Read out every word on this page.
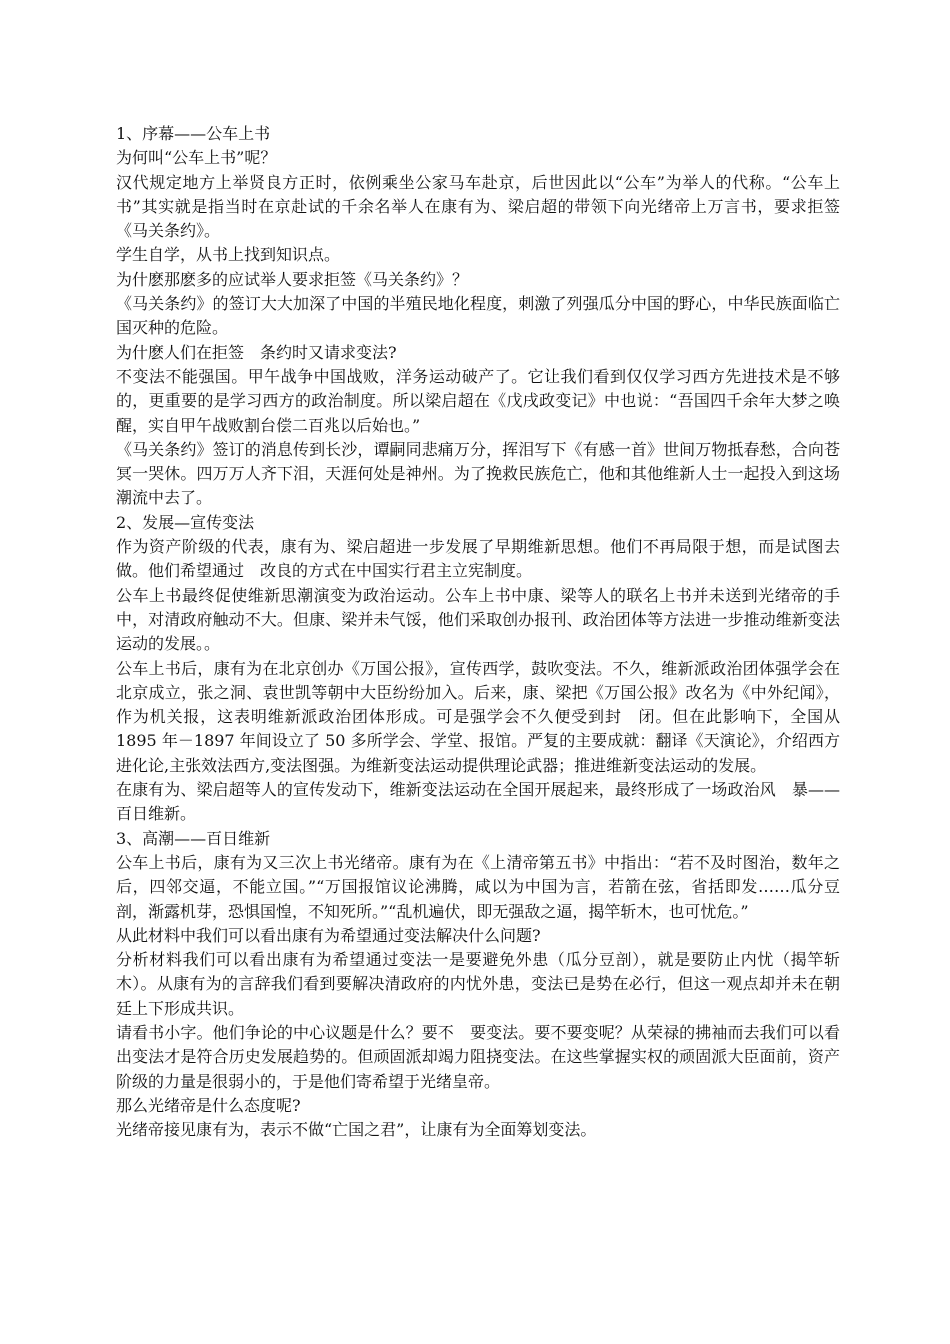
1、序幕——公车上书

为何叫“公车上书”呢？

汉代规定地方上举贤良方正时，依例乘坐公家马车赴京，后世因此以“公车”为举人的代称。“公车上书”其实就是指当时在京赴试的千余名举人在康有为、梁启超的带领下向光绪帝上万言书，要求拒签《马关条约》。

学生自学，从书上找到知识点。

为什麽那麽多的应试举人要求拒签《马关条约》？

《马关条约》的签订大大加深了中国的半殖民地化程度，刺激了列强瓜分中国的野心，中华民族面临亡国灭种的危险。

为什麽人们在拒签　条约时又请求变法?

不变法不能强国。甲午战争中国战败，洋务运动破产了。它让我们看到仅仅学习西方先进技术是不够的，更重要的是学习西方的政治制度。所以梁启超在《戊戌政变记》中也说：“吾国四千余年大梦之唤醒，实自甲午战败割台偿二百兆以后始也。”

《马关条约》签订的消息传到长沙，谭嗣同悲痛万分，挥泪写下《有感一首》世间万物抵春愁，合向苍冥一哭休。四万万人齐下泪，天涯何处是神州。为了挽救民族危亡，他和其他维新人士一起投入到这场潮流中去了。

2、发展—宣传变法

作为资产阶级的代表，康有为、梁启超进一步发展了早期维新思想。他们不再局限于想，而是试图去做。他们希望通过　改良的方式在中国实行君主立宪制度。

公车上书最终促使维新思潮演变为政治运动。公车上书中康、梁等人的联名上书并未送到光绪帝的手中，对清政府触动不大。但康、梁并未气馁，他们采取创办报刊、政治团体等方法进一步推动维新变法运动的发展。。

公车上书后，康有为在北京创办《万国公报》，宣传西学，鼓吹变法。不久，维新派政治团体强学会在北京成立，张之洞、袁世凯等朝中大臣纷纷加入。后来，康、梁把《万国公报》改名为《中外纪闻》，作为机关报，这表明维新派政治团体形成。可是强学会不久便受到封　闭。但在此影响下，全国从 1895 年－1897 年间设立了 50 多所学会、学堂、报馆。严复的主要成就：翻译《天演论》，介绍西方进化论,主张效法西方,变法图强。为维新变法运动提供理论武器；推进维新变法运动的发展。

在康有为、梁启超等人的宣传发动下，维新变法运动在全国开展起来，最终形成了一场政治风　暴——百日维新。

3、高潮——百日维新

公车上书后，康有为又三次上书光绪帝。康有为在《上清帝第五书》中指出：“若不及时图治，数年之后，四邻交逼，不能立国。”“万国报馆议论沸腾，咸以为中国为言，若箭在弦，省括即发……瓜分豆剖，渐露机芽，恐惧国惶，不知死所。”“乱机遍伏，即无强敌之逼，揭竿斩木，也可忧危。”

从此材料中我们可以看出康有为希望通过变法解决什么问题?

分析材料我们可以看出康有为希望通过变法一是要避免外患（瓜分豆剖），就是要防止内忧（揭竿斩木）。从康有为的言辞我们看到要解决清政府的内忧外患，变法已是势在必行，但这一观点却并未在朝廷上下形成共识。

请看书小字。他们争论的中心议题是什么？要不　要变法。要不要变呢？从荣禄的拂袖而去我们可以看出变法才是符合历史发展趋势的。但顽固派却竭力阻挠变法。在这些掌握实权的顽固派大臣面前，资产阶级的力量是很弱小的，于是他们寄希望于光绪皇帝。

那么光绪帝是什么态度呢?

光绪帝接见康有为，表示不做“亡国之君”，让康有为全面筹划变法。
